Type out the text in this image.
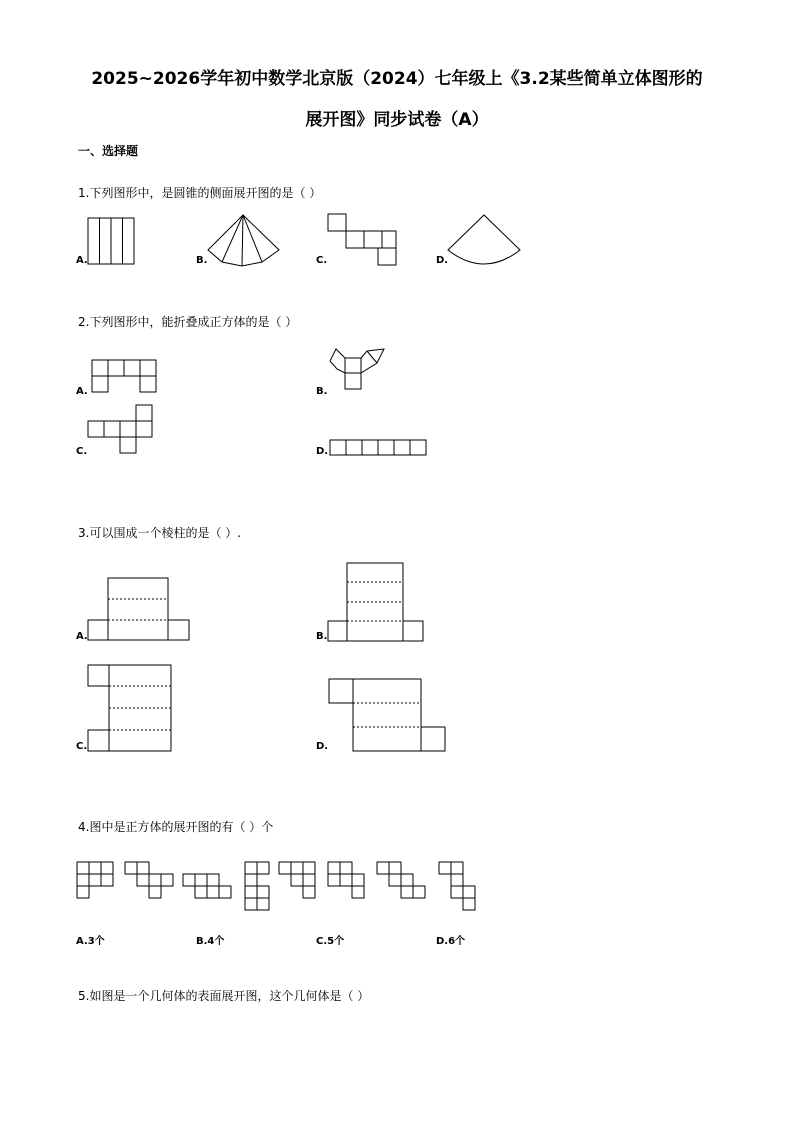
2025~2026学年初中数学北京版（2024）七年级上《3.2某些简单立体图形的
展开图》同步试卷（A）
一、选择题
1.下列图形中，是圆锥的侧面展开图的是（ ）
A.	B.	C.	D.
2.下列图形中，能折叠成正方体的是（ ）
A.	B.
C.	D.
3.可以围成一个棱柱的是（ ）.
A.	B.
C.	D.
4.图中是正方体的展开图的有（ ）个
A.3个	B.4个	C.5个	D.6个
5.如图是一个几何体的表面展开图，这个几何体是（ ）
